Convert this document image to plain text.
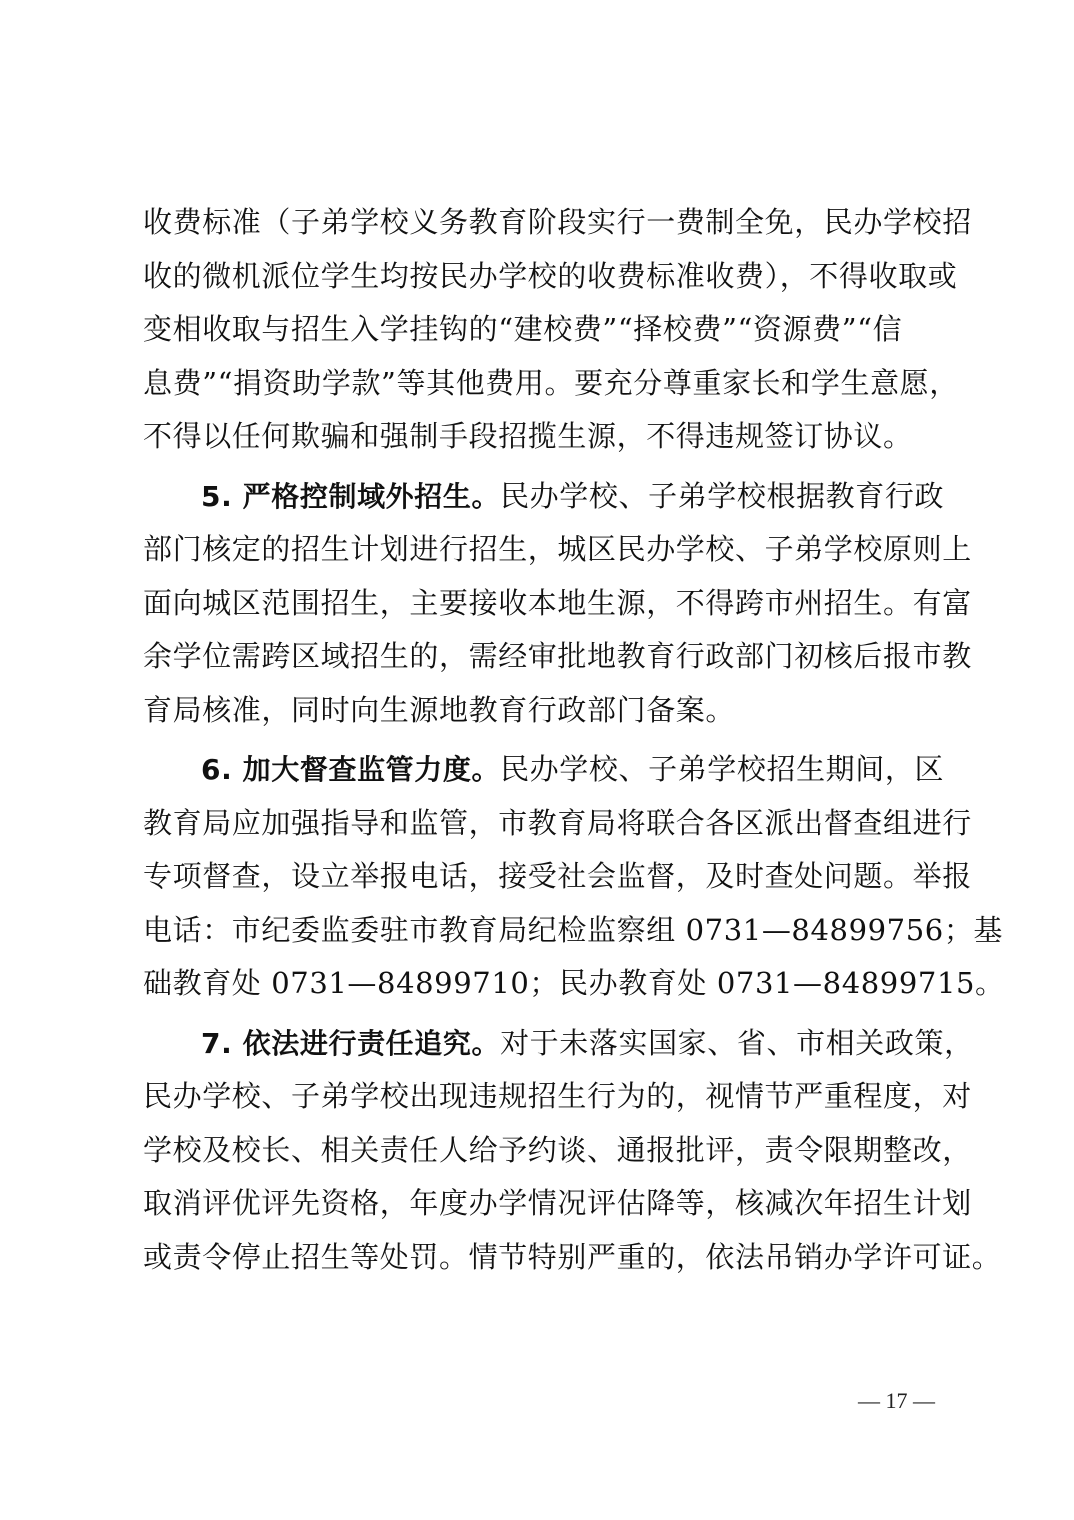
收费标准（子弟学校义务教育阶段实行一费制全免，民办学校招
收的微机派位学生均按民办学校的收费标准收费），不得收取或
变相收取与招生入学挂钩的“建校费”“择校费”“资源费”“信
息费”“捐资助学款”等其他费用。要充分尊重家长和学生意愿，
不得以任何欺骗和强制手段招揽生源，不得违规签订协议。
5. 严格控制域外招生。民办学校、子弟学校根据教育行政
部门核定的招生计划进行招生，城区民办学校、子弟学校原则上
面向城区范围招生，主要接收本地生源，不得跨市州招生。有富
余学位需跨区域招生的，需经审批地教育行政部门初核后报市教
育局核准，同时向生源地教育行政部门备案。
6. 加大督查监管力度。民办学校、子弟学校招生期间，区
教育局应加强指导和监管，市教育局将联合各区派出督查组进行
专项督查，设立举报电话，接受社会监督，及时查处问题。举报
电话：市纪委监委驻市教育局纪检监察组 0731—84899756；基
础教育处 0731—84899710；民办教育处 0731—84899715。
7. 依法进行责任追究。对于未落实国家、省、市相关政策，
民办学校、子弟学校出现违规招生行为的，视情节严重程度，对
学校及校长、相关责任人给予约谈、通报批评，责令限期整改，
取消评优评先资格，年度办学情况评估降等，核减次年招生计划
或责令停止招生等处罚。情节特别严重的，依法吊销办学许可证。
— 17 —
